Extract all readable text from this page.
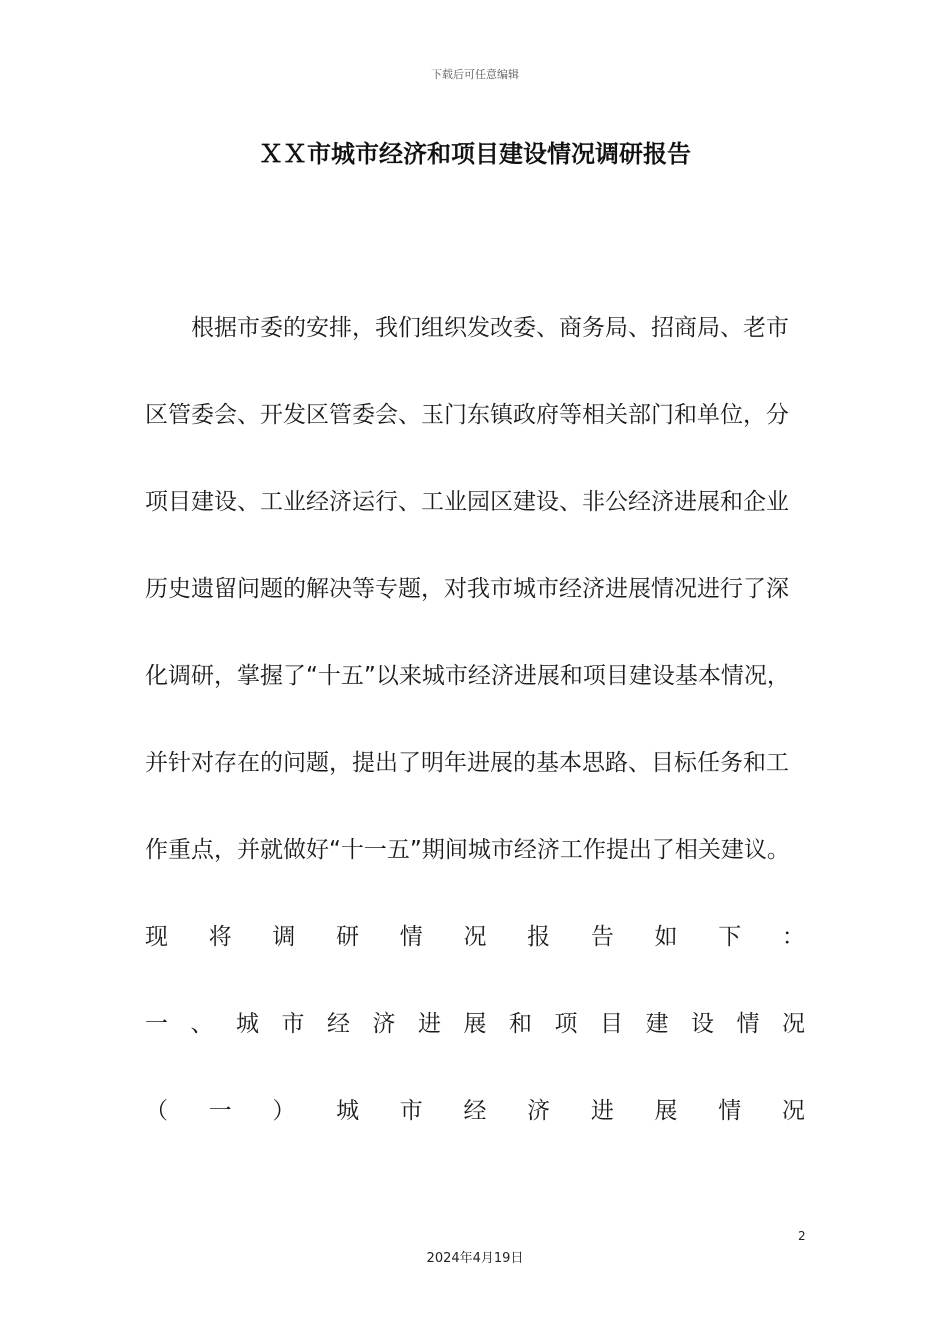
下载后可任意编辑
ＸＸ市城市经济和项目建设情况调研报告
根据市委的安排，我们组织发改委、商务局、招商局、老市
区管委会、开发区管委会、玉门东镇政府等相关部门和单位，分
项目建设、工业经济运行、工业园区建设、非公经济进展和企业
历史遗留问题的解决等专题，对我市城市经济进展情况进行了深
化调研，掌握了“十五”以来城市经济进展和项目建设基本情况，
并针对存在的问题，提出了明年进展的基本思路、目标任务和工
作重点，并就做好“十一五”期间城市经济工作提出了相关建议。
现 将 调 研 情 况 报 告 如 下 ：
一 、 城 市 经 济 进 展 和 项 目 建 设 情 况
（ 一 ） 城 市 经 济 进 展 情 况
2
2024年4月19日
